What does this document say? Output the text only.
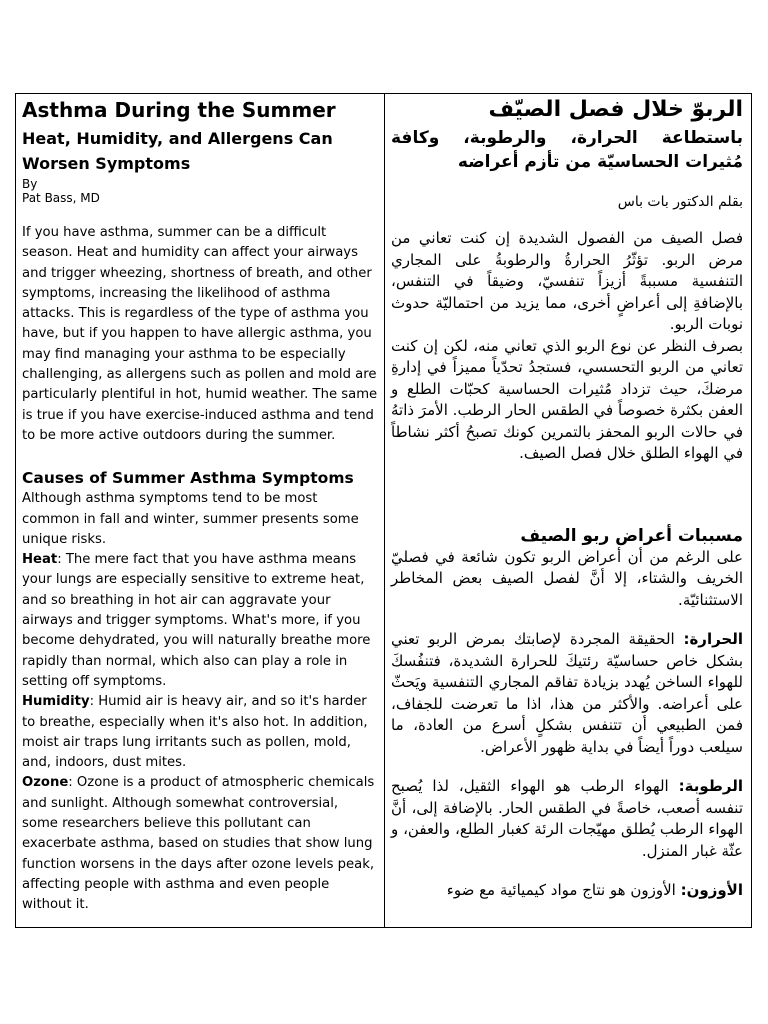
Asthma During the Summer
Heat, Humidity, and Allergens Can Worsen Symptoms
By
Pat Bass, MD

If you have asthma, summer can be a difficult season. Heat and humidity can affect your airways and trigger wheezing, shortness of breath, and other symptoms, increasing the likelihood of asthma attacks. This is regardless of the type of asthma you have, but if you happen to have allergic asthma, you may find managing your asthma to be especially challenging, as allergens such as pollen and mold are particularly plentiful in hot, humid weather. The same is true if you have exercise-induced asthma and tend to be more active outdoors during the summer.

Causes of Summer Asthma Symptoms

Although asthma symptoms tend to be most common in fall and winter, summer presents some unique risks.

Heat: The mere fact that you have asthma means your lungs are especially sensitive to extreme heat, and so breathing in hot air can aggravate your airways and trigger symptoms. What's more, if you become dehydrated, you will naturally breathe more rapidly than normal, which also can play a role in setting off symptoms.

Humidity: Humid air is heavy air, and so it's harder to breathe, especially when it's also hot. In addition, moist air traps lung irritants such as pollen, mold, and, indoors, dust mites.

Ozone: Ozone is a product of atmospheric chemicals and sunlight. Although somewhat controversial, some researchers believe this pollutant can exacerbate asthma, based on studies that show lung function worsens in the days after ozone levels peak, affecting people with asthma and even people without it.

الربوّ خلال فصل الصيّف
باستطاعة الحرارة، والرطوبة، وكافة مُثيرات الحساسيّة من تأزم أعراضه
بقلم الدكتور بات باس

فصل الصيف من الفصول الشديدة إن كنت تعاني من مرض الربو. تؤثّرُ الحرارةُ والرطوبةُ على المجاري التنفسية مسببةً أزيزاً تنفسيّ، وضيقاً في التنفس، بالإضافةِ إلى أعراضٍ أخرى، مما يزيد من احتماليّة حدوث نوبات الربو.

بصرف النظر عن نوع الربو الذي تعاني منه، لكن إن كنت تعاني من الربو التحسسي، فستجدُ تحدّياً مميزاً في إدارةِ مرضكَ، حيث تزداد مُثيرات الحساسية كحبّات الطلع و العفن بكثرة خصوصاً في الطقس الحار الرطب. الأمرَ ذاتهُ في حالات الربو المحفز بالتمرين كونك تصبحُ أكثر نشاطاً في الهواء الطلق خلال فصل الصيف.

مسببات أعراض ربو الصيف

على الرغم من أن أعراض الربو تكون شائعة في فصليّ الخريف والشتاء، إلا أنَّ لفصل الصيف بعض المخاطر الاستثنائيّة.

الحرارة: الحقيقة المجردة لإصابتك بمرض الربو تعني بشكل خاص حساسيّة رئتيكَ للحرارة الشديدة، فتنفُسكَ للهواء الساخن يُهدد بزيادة تفاقم المجاري التنفسية ويَحثّ على أعراضه. والأكثر من هذا، اذا ما تعرضت للجفاف، فمن الطبيعي أن تتنفس بشكلٍ أسرع من العادة، ما سيلعب دوراً أيضاً في بداية ظهور الأعراض.

الرطوبة: الهواء الرطب هو الهواء الثقيل، لذا يُصبح تنفسه أصعب، خاصةً في الطقس الحار. بالإضافة إلى، أنَّ الهواء الرطب يُطلق مهيّجات الرئة كغبار الطلع، والعفن، و عثّة غبار المنزل.

الأوزون: الأوزون هو نتاج مواد كيميائية مع ضوء
